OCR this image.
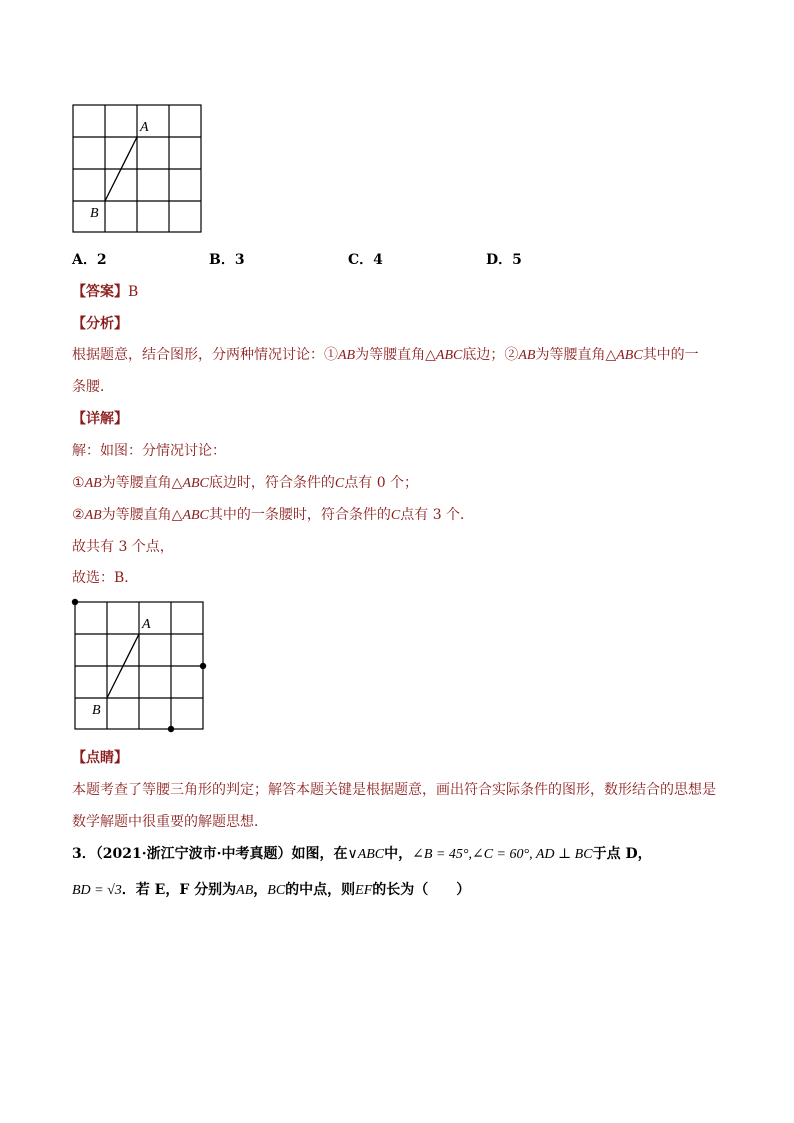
A
B
A．2	B．3	C．4	D．5
【答案】B
【分析】
根据题意，结合图形，分两种情况讨论：①AB为等腰直角△ABC底边；②AB为等腰直角△ABC其中的一
条腰．
【详解】
解：如图：分情况讨论：
①AB为等腰直角△ABC底边时，符合条件的C点有 0 个；
②AB为等腰直角△ABC其中的一条腰时，符合条件的C点有 3 个．
故共有 3 个点，
故选：B．
A
B
【点睛】
本题考查了等腰三角形的判定；解答本题关键是根据题意，画出符合实际条件的图形，数形结合的思想是
数学解题中很重要的解题思想．
3．（2021·浙江宁波市·中考真题）如图，在∨ABC中，∠B = 45°,∠C = 60°, AD ⊥ BC于点 D，
BD = √3．若 E，F 分别为AB，BC的中点，则EF的长为（　　）
